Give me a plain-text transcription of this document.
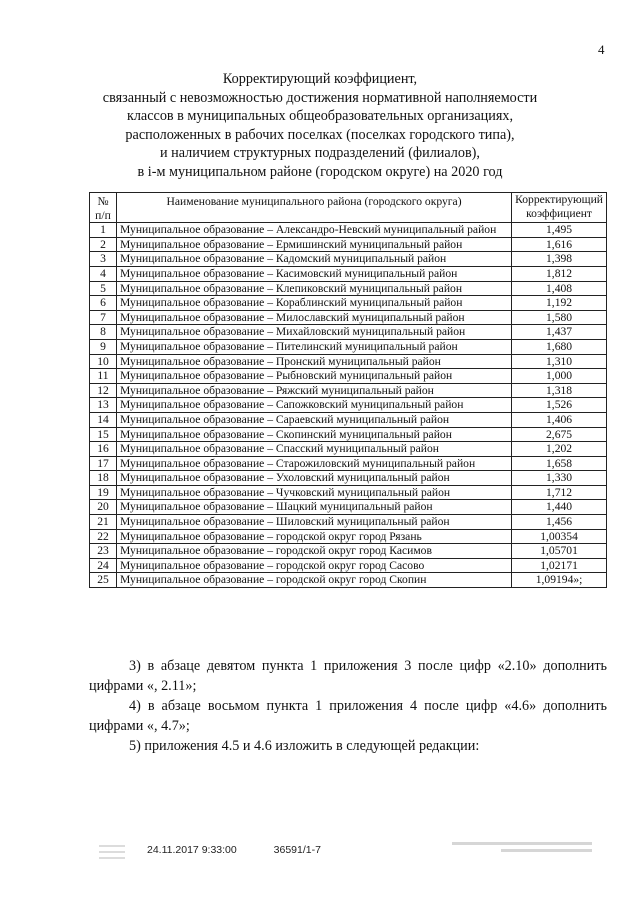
4
Корректирующий коэффициент,
связанный с невозможностью достижения нормативной наполняемости
классов в муниципальных общеобразовательных организациях,
расположенных в рабочих поселках (поселках городского типа),
и наличием структурных подразделений (филиалов),
в i-м муниципальном районе (городском округе) на 2020 год
№ п/п	Наименование муниципального района (городского округа)	Корректирующий коэффициент
1	Муниципальное образование – Александро-Невский муниципальный район	1,495
2	Муниципальное образование – Ермишинский муниципальный район	1,616
3	Муниципальное образование – Кадомский муниципальный район	1,398
4	Муниципальное образование – Касимовский муниципальный район	1,812
5	Муниципальное образование – Клепиковский муниципальный район	1,408
6	Муниципальное образование – Кораблинский муниципальный район	1,192
7	Муниципальное образование – Милославский муниципальный район	1,580
8	Муниципальное образование – Михайловский муниципальный район	1,437
9	Муниципальное образование – Пителинский муниципальный район	1,680
10	Муниципальное образование – Пронский муниципальный район	1,310
11	Муниципальное образование – Рыбновский муниципальный район	1,000
12	Муниципальное образование – Ряжский муниципальный район	1,318
13	Муниципальное образование – Сапожковский муниципальный район	1,526
14	Муниципальное образование – Сараевский муниципальный район	1,406
15	Муниципальное образование – Скопинский муниципальный район	2,675
16	Муниципальное образование – Спасский муниципальный район	1,202
17	Муниципальное образование – Старожиловский муниципальный район	1,658
18	Муниципальное образование – Ухоловский муниципальный район	1,330
19	Муниципальное образование – Чучковский муниципальный район	1,712
20	Муниципальное образование – Шацкий муниципальный район	1,440
21	Муниципальное образование – Шиловский муниципальный район	1,456
22	Муниципальное образование – городской округ город Рязань	1,00354
23	Муниципальное образование – городской округ город Касимов	1,05701
24	Муниципальное образование – городской округ город Сасово	1,02171
25	Муниципальное образование – городской округ город Скопин	1,09194»;

3) в абзаце девятом пункта 1 приложения 3 после цифр «2.10» дополнить цифрами «, 2.11»;

4) в абзаце восьмом пункта 1 приложения 4 после цифр «4.6» дополнить цифрами «, 4.7»;

5) приложения 4.5 и 4.6 изложить в следующей редакции:

24.11.2017 9:33:00	36591/1-7
